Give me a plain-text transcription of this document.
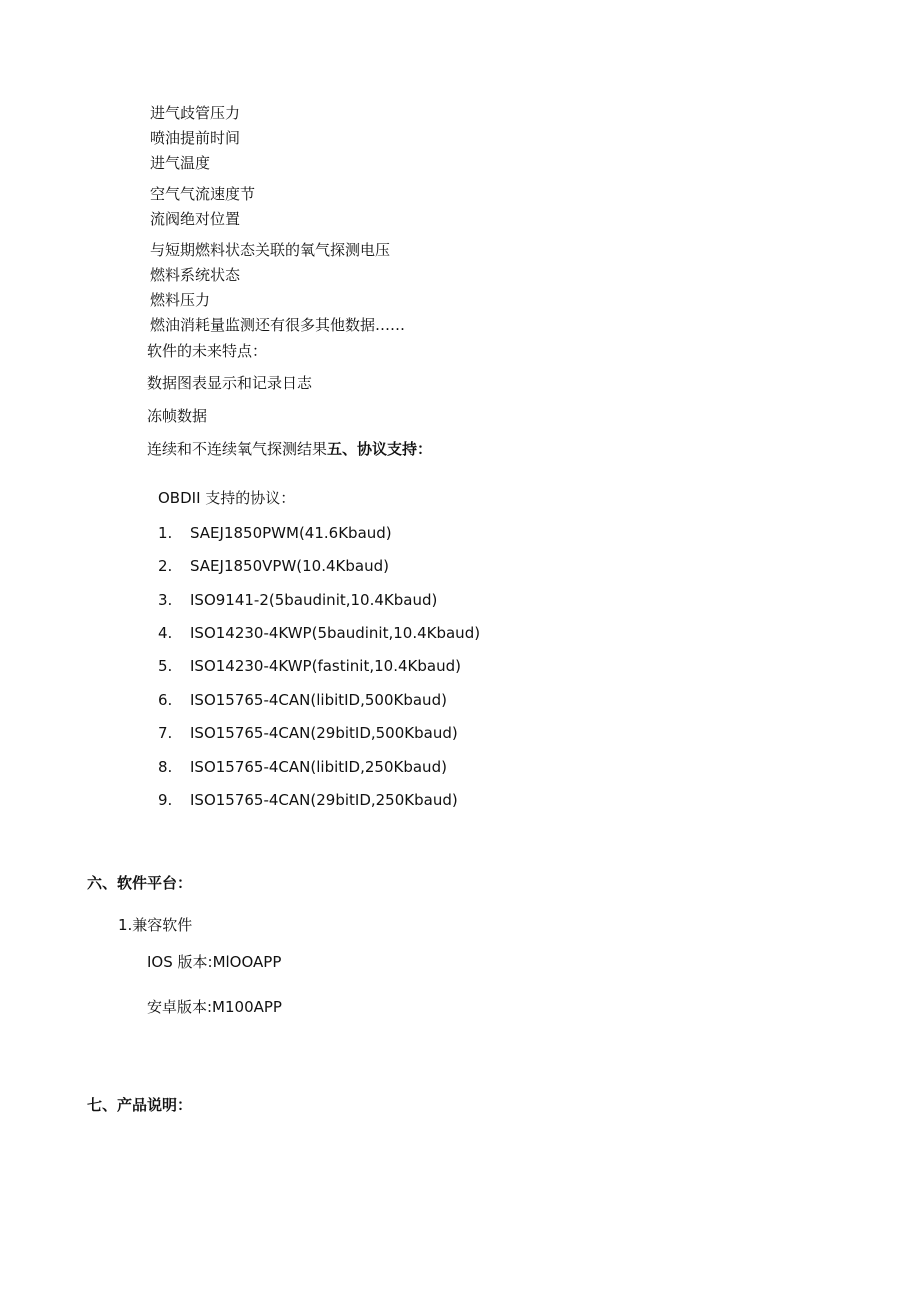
进气歧管压力
喷油提前时间
进气温度
空气气流速度节
流阀绝对位置
与短期燃料状态关联的氧气探测电压
燃料系统状态
燃料压力
燃油消耗量监测还有很多其他数据……
软件的未来特点：
数据图表显示和记录日志
冻帧数据
连续和不连续氧气探测结果五、协议支持：
OBDII 支持的协议：
1. SAEJ1850PWM(41.6Kbaud)
2. SAEJ1850VPW(10.4Kbaud)
3. ISO9141-2(5baudinit,10.4Kbaud)
4. ISO14230-4KWP(5baudinit,10.4Kbaud)
5. ISO14230-4KWP(fastinit,10.4Kbaud)
6. ISO15765-4CAN(libitID,500Kbaud)
7. ISO15765-4CAN(29bitID,500Kbaud)
8. ISO15765-4CAN(libitID,250Kbaud)
9. ISO15765-4CAN(29bitID,250Kbaud)
六、软件平台：
1.兼容软件
IOS 版本:MlOOAPP
安卓版本:M100APP
七、产品说明：
